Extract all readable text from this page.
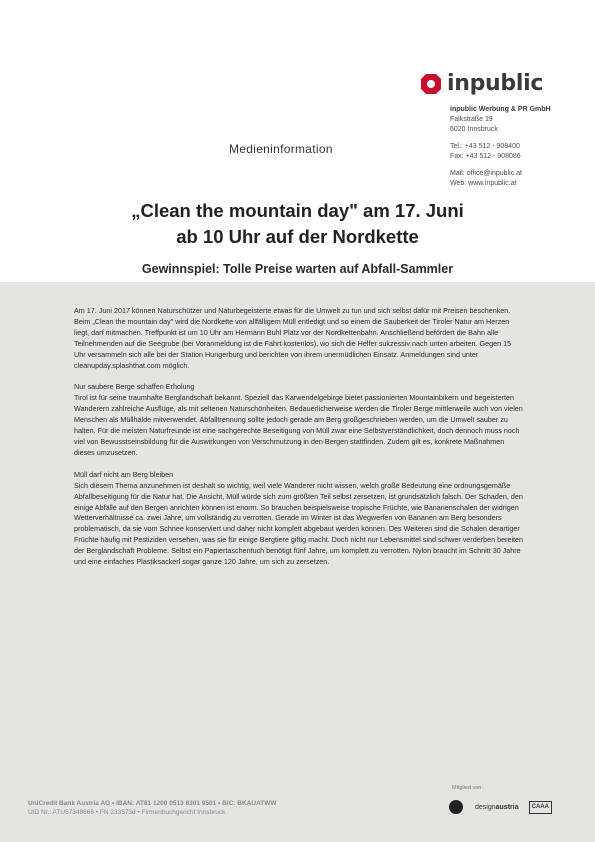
inpublic
inpublic Werbung & PR GmbH
Falkstraße 19
6020 Innsbruck
Tel.: +43 512 - 908400
Fax: +43 512 - 908086
Mail: office@inpublic.at
Web: www.inpublic.at
Medieninformation
„Clean the mountain day" am 17. Juni
ab 10 Uhr auf der Nordkette
Gewinnspiel: Tolle Preise warten auf Abfall-Sammler

Am 17. Juni 2017 können Naturschützer und Naturbegeisterte etwas für die Umwelt zu tun und sich selbst dafür mit Preisen beschenken. Beim „Clean the mountain day" wird die Nordkette von allfälligem Müll entledigt und so einem die Sauberkeit der Tiroler Natur am Herzen liegt, darf mitmachen. Treffpunkt ist um 10 Uhr am Hermann Buhl Platz vor der Nordkettenbahn. Anschließend befördert die Bahn alle Teilnehmenden auf die Seegrube (bei Voranmeldung ist die Fahrt kostenlos), wo sich die Helfer sukzessiv nach unten arbeiten. Gegen 15 Uhr versammeln sich alle bei der Station Hungerburg und berichten von ihrem unermüdlichen Einsatz. Anmeldungen sind unter cleanupday.splashthat.com möglich.

Nur saubere Berge schaffen Erholung

Tirol ist für seine traumhafte Berglandschaft bekannt. Speziell das Karwendelgebirge bietet passionierten Mountainbikern und begeisterten Wanderern zahlreiche Ausflüge, als mit seltenen Naturschönheiten. Bedauerlicherweise werden die Tiroler Berge mittlerweile auch von vielen Menschen als Müllhalde mitverwendet. Abfalltrennung sollte jedoch gerade am Berg großgeschrieben werden, um die Umwelt sauber zu halten. Für die meisten Naturfreunde ist eine sachgerechte Beseitigung von Müll zwar eine Selbstverständlichkeit, doch dennoch muss noch viel von Bewusstseinsbildung für die Auswirkungen von Verschmutzung in den Bergen stattfinden. Zudem gilt es, konkrete Maßnahmen dieses umzusetzen.

Müll darf nicht am Berg bleiben

Sich diesem Thema anzunehmen ist deshalt so wichtig, weil viele Wanderer nicht wissen, welch große Bedeutung eine ordnungsgemäße Abfallbeseitigung für die Natur hat. Die Ansicht, Müll würde sich zum größten Teil selbst zersetzen, ist grundsätzlich falsch. Der Schaden, den einige Abfälle auf den Bergen anrichten können ist enorm. So brauchen beispielsweise tropische Früchte, wie Bananenschalen der widrigen Wetterverhältnisse ca. zwei Jahre, um vollständig zu verrotten. Gerade im Winter ist das Wegwerfen von Bananen am Berg besonders problematisch, da sie vom Schnee konserviert und daher nicht komplett abgebaut werden können. Des Weiteren sind die Schalen derartiger Früchte häufig mit Pestiziden versehen, was sie für einige Bergtiere giftig macht. Doch nicht nur Lebensmittel sind schwer verderben bereiten der Berglandschaft Probleme. Selbst ein Papiertaschentuch benötigt fünf Jahre, um komplett zu verrotten. Nylon braucht im Schnitt 30 Jahre und eine einfaches Plastiksackerl sogar ganze 120 Jahre, um sich zu zersetzen.

UniCredit Bank Austria AG • IBAN: AT81 1200 0513 8301 9501 • BIC: BKAUATWW
UID Nr.: ATU57348666 • FN 233573d • Firmenbuchgericht Innsbruck
Mitglied von:
designaustria	CAAA
